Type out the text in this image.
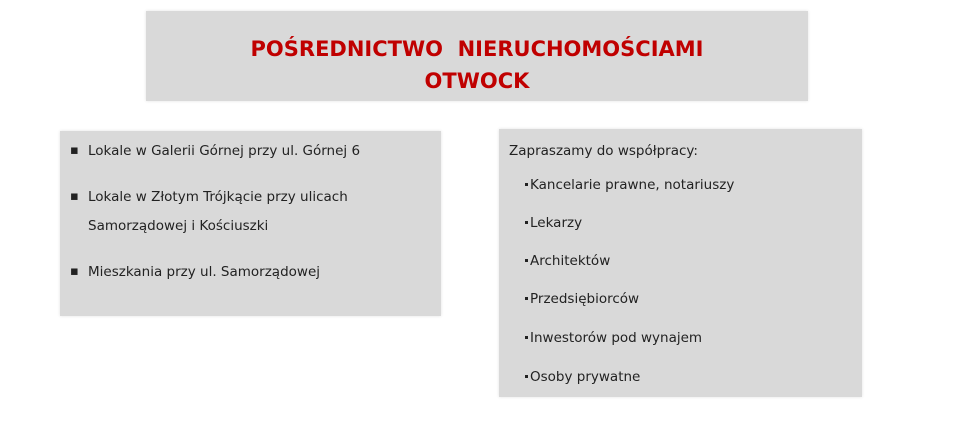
POŚREDNICTWO  NIERUCHOMOŚCIAMI
OTWOCK
▪ Lokale w Galerii Górnej przy ul. Górnej 6
▪ Lokale w Złotym Trójkącie przy ulicach
Samorządowej i Kościuszki
▪ Mieszkania przy ul. Samorządowej
Zapraszamy do współpracy:
Kancelarie prawne, notariuszy
Lekarzy
Architektów
Przedsiębiorców
Inwestorów pod wynajem
Osoby prywatne
